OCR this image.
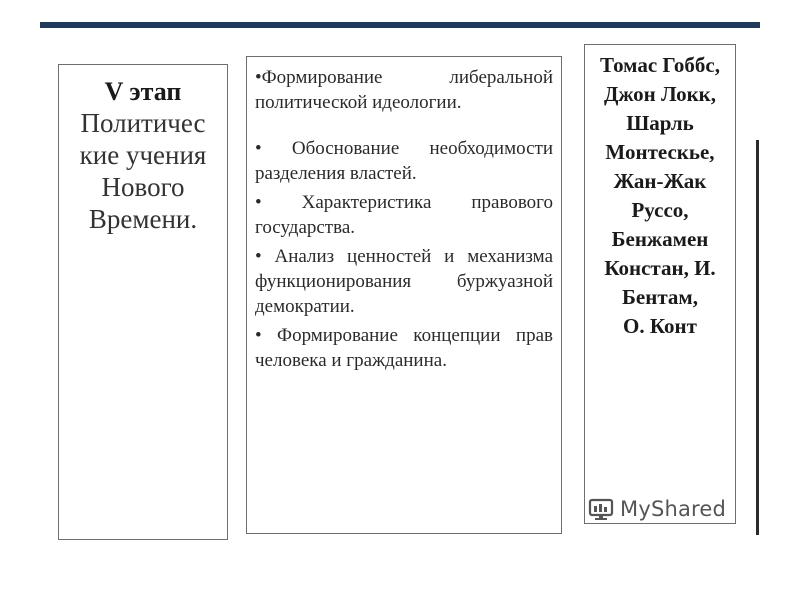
V этап
Политичес кие учения Нового Времени.
•Формирование либеральной политической идеологии.
• Обоснование необходимости разделения властей.
• Характеристика правового государства.
• Анализ ценностей и механизма функционирования буржуазной демократии.
• Формирование концепции прав человека и гражданина.
Томас Гоббс,
Джон Локк,
Шарль Монтескье,
Жан-Жак Руссо,
Бенжамен Констан, И. Бентам,
О. Конт
MyShared
